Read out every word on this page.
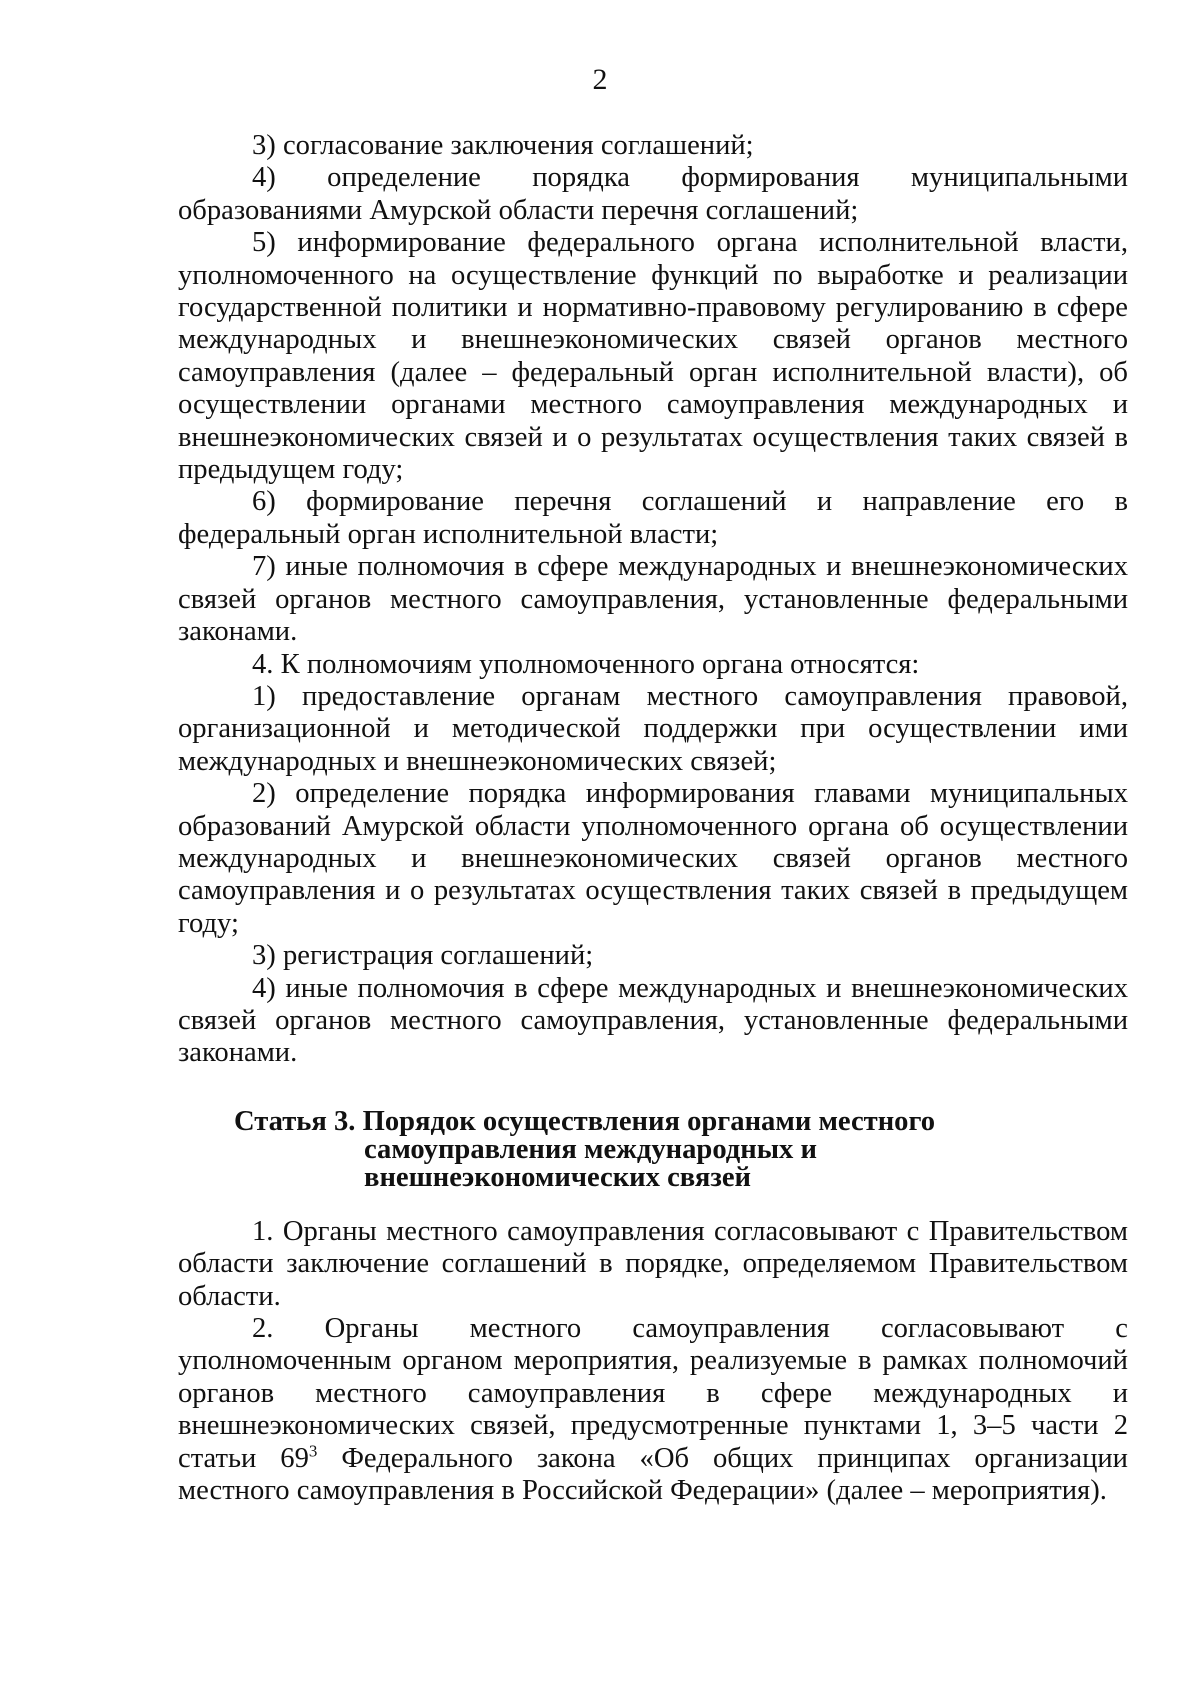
2

3) согласование заключения соглашений;

4) определение порядка формирования муниципальными образованиями Амурской области перечня соглашений;

5) информирование федерального органа исполнительной власти, уполномоченного на осуществление функций по выработке и реализации государственной политики и нормативно-правовому регулированию в сфере международных и внешнеэкономических связей органов местного самоуправления (далее – федеральный орган исполнительной власти), об осуществлении органами местного самоуправления международных и внешнеэкономических связей и о результатах осуществления таких связей в предыдущем году;

6) формирование перечня соглашений и направление его в федеральный орган исполнительной власти;

7) иные полномочия в сфере международных и внешнеэкономических связей органов местного самоуправления, установленные федеральными законами.

4. К полномочиям уполномоченного органа относятся:

1) предоставление органам местного самоуправления правовой, организационной и методической поддержки при осуществлении ими международных и внешнеэкономических связей;

2) определение порядка информирования главами муниципальных образований Амурской области уполномоченного органа об осуществлении международных и внешнеэкономических связей органов местного самоуправления и о результатах осуществления таких связей в предыдущем году;

3) регистрация соглашений;

4) иные полномочия в сфере международных и внешнеэкономических связей органов местного самоуправления, установленные федеральными законами.

Статья 3. Порядок осуществления органами местного
самоуправления международных и
внешнеэкономических связей

1. Органы местного самоуправления согласовывают с Правительством области заключение соглашений в порядке, определяемом Правительством области.

2. Органы местного самоуправления согласовывают с уполномоченным органом мероприятия, реализуемые в рамках полномочий органов местного самоуправления в сфере международных и внешнеэкономических связей, предусмотренные пунктами 1, 3–5 части 2 статьи $69^3$ Федерального закона «Об общих принципах организации местного самоуправления в Российской Федерации» (далее – мероприятия).
